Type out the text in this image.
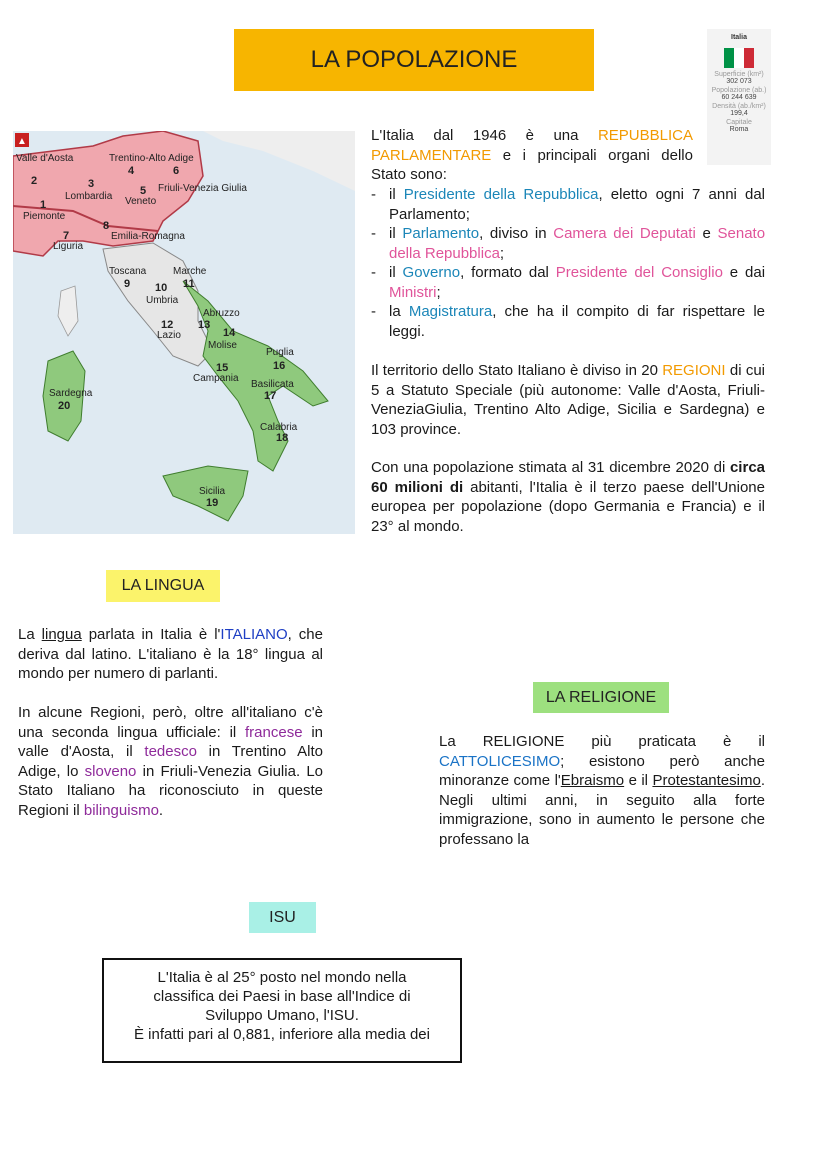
LA POPOLAZIONE
Italia
Superficie (km²)
302 073
Popolazione (ab.)
60 244 639
Densità (ab./km²)
199,4
Capitale
Roma
▲
Valle d'Aosta
2
Piemonte
1
Lombardia
3
Trentino-Alto Adige
4
Veneto
5 Friuli-Venezia Giulia
6
Liguria
7	Emilia-Romagna
8
Toscana
9
Umbria
10
Marche
11
Lazio
12
Abruzzo
13
Molise
14
Campania
15
Puglia
16
Basilicata
17
Calabria
18
Sicilia
19
Sardegna
20
L'Italia dal 1946 è una REPUBBLICA PARLAMENTARE e i principali organi dello Stato sono:
- il Presidente della Repubblica, eletto ogni 7 anni dal Parlamento;
- il Parlamento, diviso in Camera dei Deputati e Senato della Repubblica;
- il Governo, formato dal Presidente del Consiglio e dai Ministri;
- la Magistratura, che ha il compito di far rispettare le leggi.
Il territorio dello Stato Italiano è diviso in 20 REGIONI di cui 5 a Statuto Speciale (più autonome: Valle d'Aosta, Friuli-VeneziaGiulia, Trentino Alto Adige, Sicilia e Sardegna) e 103 province.
Con una popolazione stimata al 31 dicembre 2020 di circa 60 milioni di abitanti, l'Italia è il terzo paese dell'Unione europea per popolazione (dopo Germania e Francia) e il 23° al mondo.
LA LINGUA
La lingua parlata in Italia è l'ITALIANO, che deriva dal latino. L'italiano è la 18° lingua al mondo per numero di parlanti.
In alcune Regioni, però, oltre all'italiano c'è una seconda lingua ufficiale: il francese in valle d'Aosta, il tedesco in Trentino Alto Adige, lo sloveno in Friuli-Venezia Giulia. Lo Stato Italiano ha riconosciuto in queste Regioni il bilinguismo.
LA RELIGIONE
La RELIGIONE più praticata è il CATTOLICESIMO; esistono però anche minoranze come l'Ebraismo e il Protestantesimo. Negli ultimi anni, in seguito alla forte immigrazione, sono in aumento le persone che professano la
ISU
L'Italia è al 25° posto nel mondo nella
classifica dei Paesi in base all'Indice di
Sviluppo Umano, l'ISU.
È infatti pari al 0,881, inferiore alla media dei
